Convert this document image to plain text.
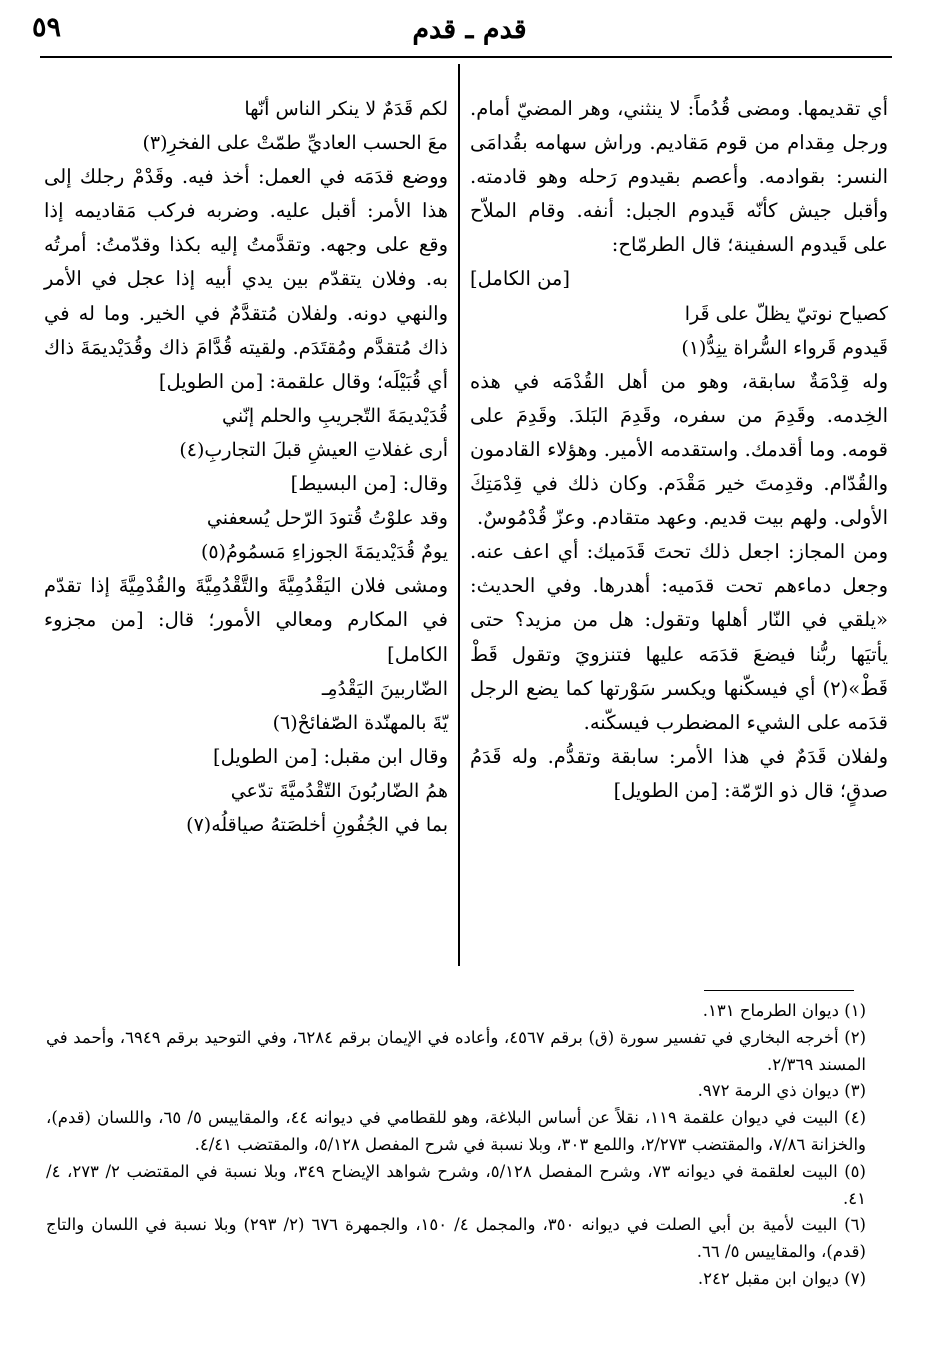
٥٩	قدم ـ قدم

أي تقديمها. ومضى قُدُماً: لا ينثني، وهر المضيّ أمام. ورجل مِقدام من قوم مَقاديم. وراش سهامه بقُدامَى النسر: بقوادمه. وأعصم بقيدوم رَحله وهو قادمته. وأقبل جيش كأنّه قَيدوم الجبل: أنفه. وقام الملاّح على قَيدوم السفينة؛ قال الطرمّاح:

[من الكامل]

كصياح نوتيّ يظلّ على قَرا

قَيدوم قَرواء السُّراة ينِدُّ(١)

وله قِدْمَةٌ سابقة، وهو من أهل القُدْمَه في هذه الخِدمه. وقَدِمَ من سفره، وقَدِمَ البَلدَ. وقَدِمَ على قومه. وما أقدمك. واستقدمه الأمير. وهؤلاء القادمون والقُدّام. وقدِمتَ خير مَقْدَم. وكان ذلك في قِدْمَتِكَ الأولى. ولهم بيت قديم. وعهد متقادم. وعزّ قُدْمُوسٌ.

ومن المجاز: اجعل ذلك تحتَ قَدَميك: أي اعف عنه. وجعل دماءهم تحت قدَميه: أهدرها. وفي الحديث: «يلقي في النّار أهلها وتقول: هل من مزيد؟ حتى يأتيَها ربُّنا فيضعَ قدَمَه عليها فتنزويَ وتقول قَطْ قَطْ»(٢) أي فيسكّنها ويكسر سَوْرتها كما يضع الرجل قدَمه على الشيء المضطرب فيسكّنه.

ولفلان قَدَمٌ في هذا الأمر: سابقة وتقدُّم. وله قَدَمُ صدقٍ؛ قال ذو الرّمّة: [من الطويل]

لكم قَدَمٌ لا ينكر الناس أنّها

معَ الحسب العاديِّ طمّتْ على الفخرِ(٣)

ووضع قدَمَه في العمل: أخذ فيه. وقَدْمْ رجلك إلى هذا الأمر: أقبل عليه. وضربه فركب مَقاديمه إذا وقع على وجهه. وتقدَّمتُ إليه بكذا وقدّمتُ: أمرتُه به. وفلان يتقدّم بين يدي أبيه إذا عجل في الأمر والنهي دونه. ولفلان مُتقدَّمٌ في الخير. وما له في ذاك مُتقدَّم ومُقتَدَم. ولقيته قُدَّامَ ذاك وقُدَيْديمَةَ ذاك أي قُبَيْلَه؛ وقال علقمة: [من الطويل]

قُدَيْديمَةَ التّجريبِ والحلم إنّني

أرى غفلاتِ العيشِ قبلَ التجاربِ(٤)

وقال: [من البسيط]

وقد علوْتُ قُتودَ الرّحل يُسعفني

يومٌ قُدَيْديمَةَ الجوزاءِ مَسمُومُ(٥)

ومشى فلان اليَقْدُمِيَّةَ والتَّقْدُمِيَّةَ والقُدْمِيَّةَ إذا تقدّم في المكارم ومعالي الأمور؛ قال: [من مجزوء الكامل]

الضّاربينَ اليَقْدُمِـ

يّةَ بالمهنّدة الصّفائحْ(٦)

وقال ابن مقبل: [من الطويل]

همُ الضّاربُونَ التّقْدُميَّةَ تدّعي

بما في الجُفُونِ أخلصَتهُ صياقلُه(٧)

(١) ديوان الطرماح ١٣١.

(٢) أخرجه البخاري في تفسير سورة (ق) برقم ٤٥٦٧، وأعاده في الإيمان برقم ٦٢٨٤، وفي التوحيد برقم ٦٩٤٩، وأحمد في المسند ٢/٣٦٩.

(٣) ديوان ذي الرمة ٩٧٢.

(٤) البيت في ديوان علقمة ١١٩، نقلاً عن أساس البلاغة، وهو للقطامي في ديوانه ٤٤، والمقاييس ٥/ ٦٥، واللسان (قدم)، والخزانة ٧/٨٦، والمقتضب ٢/٢٧٣، واللمع ٣٠٣، وبلا نسبة في شرح المفصل ٥/١٢٨، والمقتضب ٤/٤١.

(٥) البيت لعلقمة في ديوانه ٧٣، وشرح المفصل ٥/١٢٨، وشرح شواهد الإيضاح ٣٤٩، وبلا نسبة في المقتضب ٢/ ٢٧٣، ٤/ ٤١.

(٦) البيت لأمية بن أبي الصلت في ديوانه ٣٥٠، والمجمل ٤/ ١٥٠، والجمهرة ٦٧٦ (٢/ ٢٩٣) وبلا نسبة في اللسان والتاج (قدم)، والمقاييس ٥/ ٦٦.

(٧) ديوان ابن مقبل ٢٤٢.
